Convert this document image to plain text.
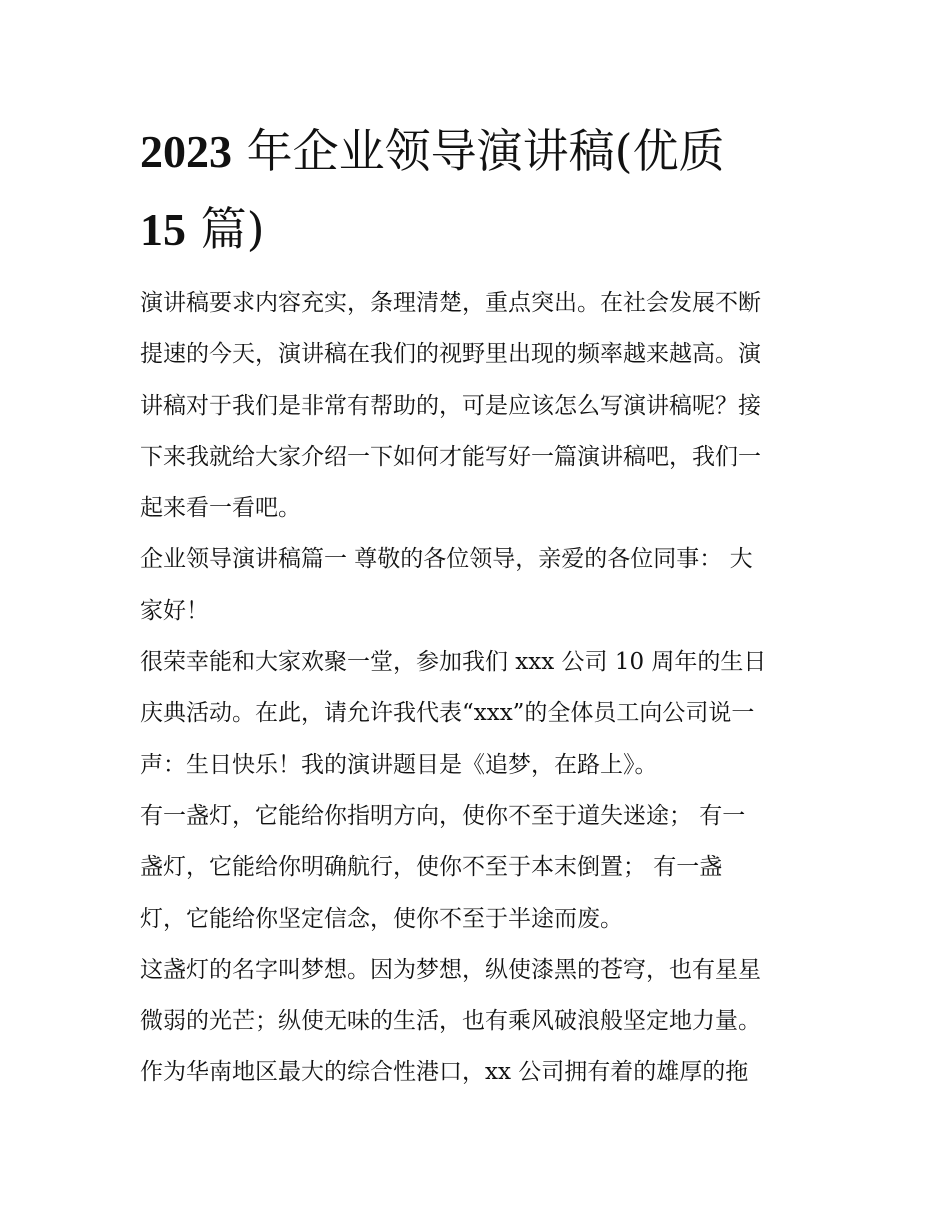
2023 年企业领导演讲稿(优质
15 篇)
演讲稿要求内容充实，条理清楚，重点突出。在社会发展不断
提速的今天，演讲稿在我们的视野里出现的频率越来越高。演
讲稿对于我们是非常有帮助的，可是应该怎么写演讲稿呢？接
下来我就给大家介绍一下如何才能写好一篇演讲稿吧，我们一
起来看一看吧。
企业领导演讲稿篇一 尊敬的各位领导，亲爱的各位同事： 大
家好！
很荣幸能和大家欢聚一堂，参加我们 xxx 公司 10 周年的生日
庆典活动。在此，请允许我代表“xxx”的全体员工向公司说一
声：生日快乐！我的演讲题目是《追梦，在路上》。
有一盏灯，它能给你指明方向，使你不至于道失迷途； 有一
盏灯，它能给你明确航行，使你不至于本末倒置； 有一盏
灯，它能给你坚定信念，使你不至于半途而废。
这盏灯的名字叫梦想。因为梦想，纵使漆黑的苍穹，也有星星
微弱的光芒；纵使无味的生活，也有乘风破浪般坚定地力量。
作为华南地区最大的综合性港口，xx 公司拥有着的雄厚的拖
